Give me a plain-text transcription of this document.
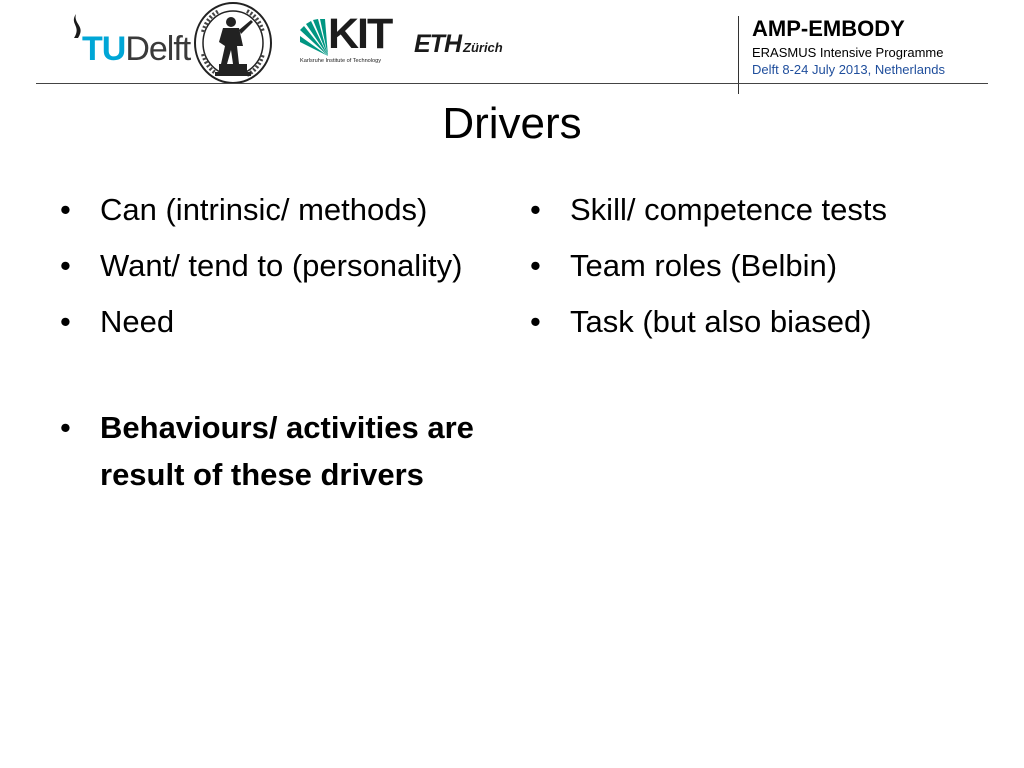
TUDelft	KIT
Karlsruhe Institute of Technology
ETH Zürich
AMP-EMBODY
ERASMUS Intensive Programme
Delft 8-24 July 2013, Netherlands
Drivers
• Can (intrinsic/ methods)
• Want/ tend to (personality)
• Need
• Behaviours/ activities are result of these drivers
• Skill/ competence tests
• Team roles (Belbin)
• Task (but also biased)
